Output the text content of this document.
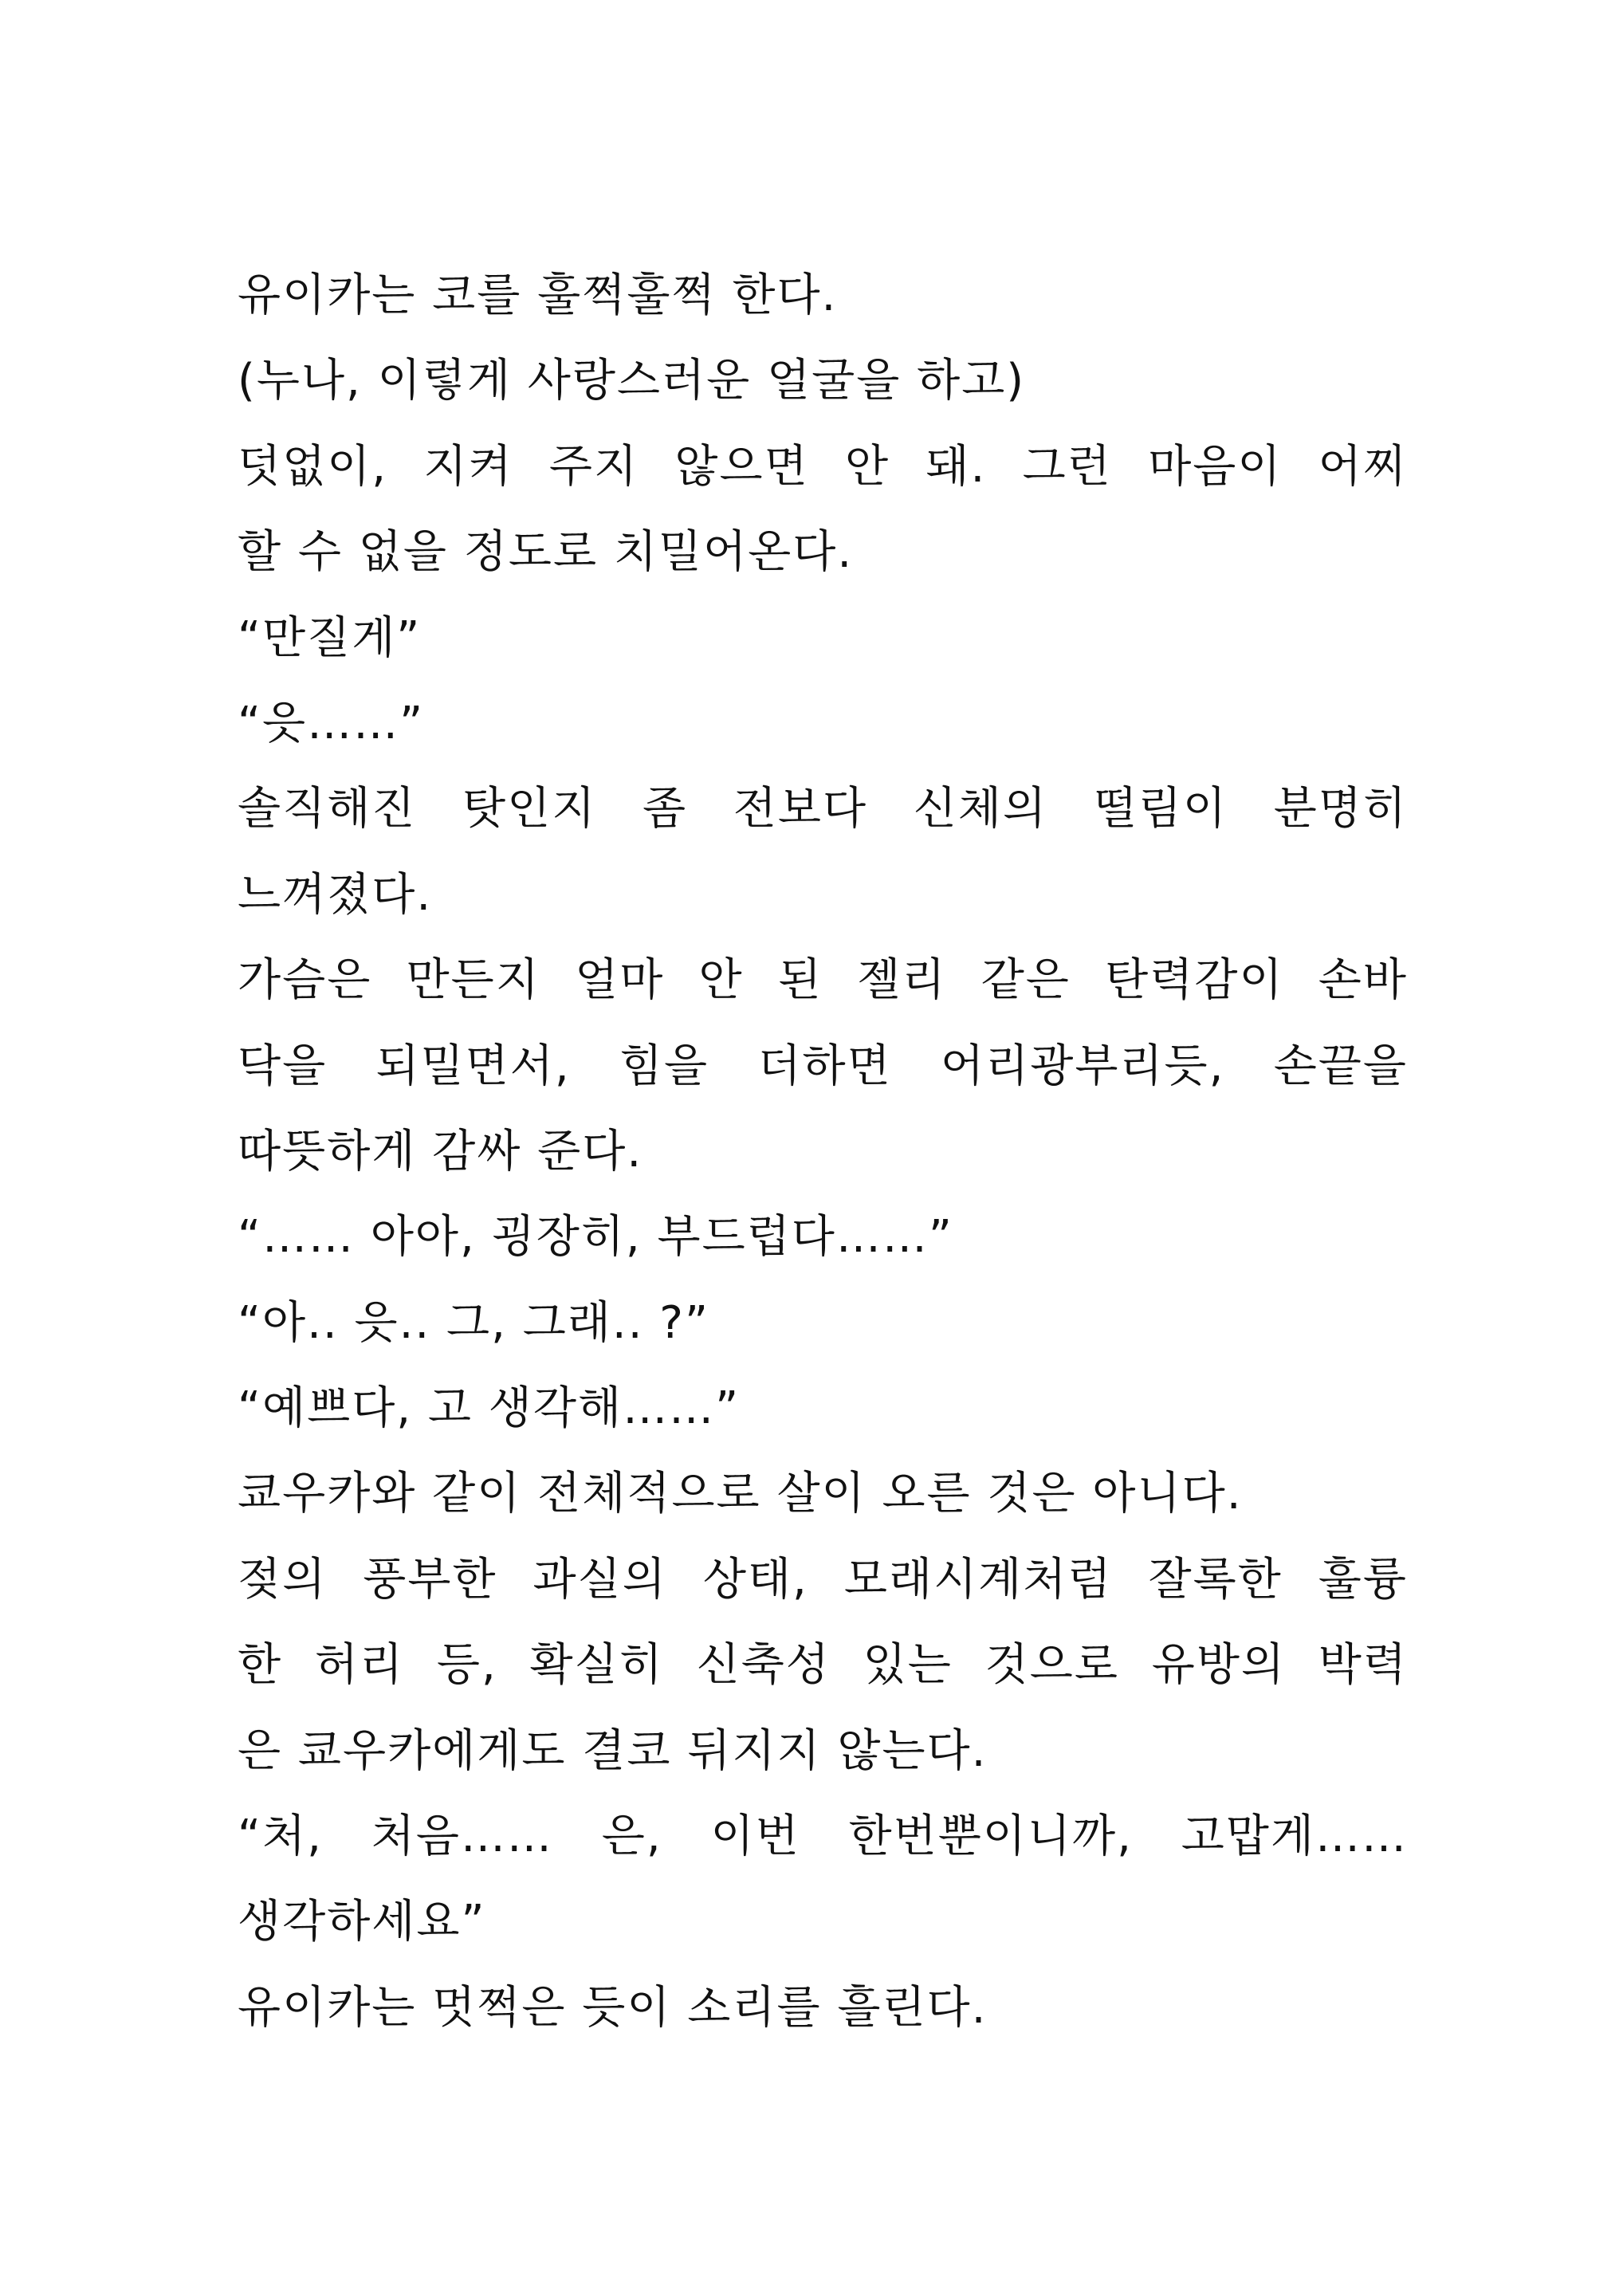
유이카는 코를 훌쩍훌쩍 한다.
(누나, 이렇게 사랑스러운 얼굴을 하고)
덧없이, 지켜 주지 않으면 안 돼. 그런 마음이 어찌
할 수 없을 정도로 치밀어온다.
“만질게”
“읏……”
솔직해진 탓인지 좀 전보다 신체의 떨림이 분명히
느껴졌다.
가슴은 만든지 얼마 안 된 젤리 같은 탄력감이 손바
닥을 되밀면서, 힘을 더하면 어리광부리듯, 손끝을
따뜻하게 감싸 준다.
“…… 아아, 굉장히, 부드럽다……”
“아.. 읏.. 그, 그래.. ?”
“예쁘다, 고 생각해……”
쿄우카와 같이 전체적으로 살이 오른 것은 아니다.
젖의 풍부한 과실의 상태, 모래시계처럼 잘록한 훌륭
한 허리 등, 확실히 신축성 있는 것으로 유방의 박력
은 쿄우카에게도 결코 뒤지지 않는다.
“처, 처음…… 은, 이번 한번뿐이니까, 고맙게……
생각하세요”
유이카는 멋쩍은 듯이 소리를 흘린다.
